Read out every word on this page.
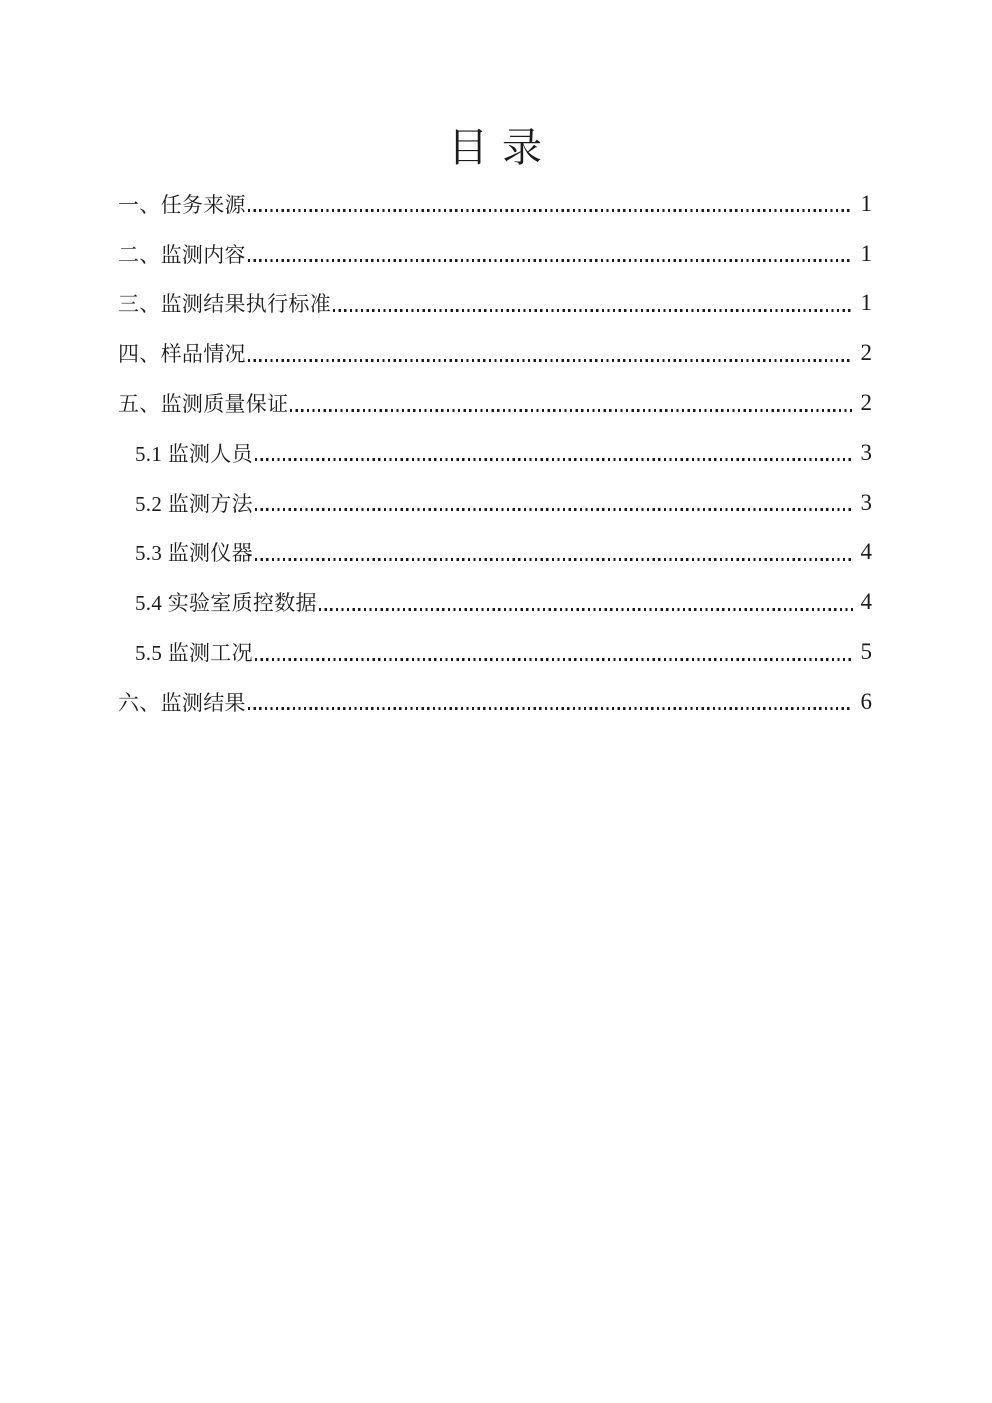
目 录
一、任务来源	1
二、监测内容	1
三、监测结果执行标准	1
四、样品情况	2
五、监测质量保证	2
5.1 监测人员	3
5.2 监测方法	3
5.3 监测仪器	4
5.4 实验室质控数据	4
5.5 监测工况	5
六、监测结果	6
